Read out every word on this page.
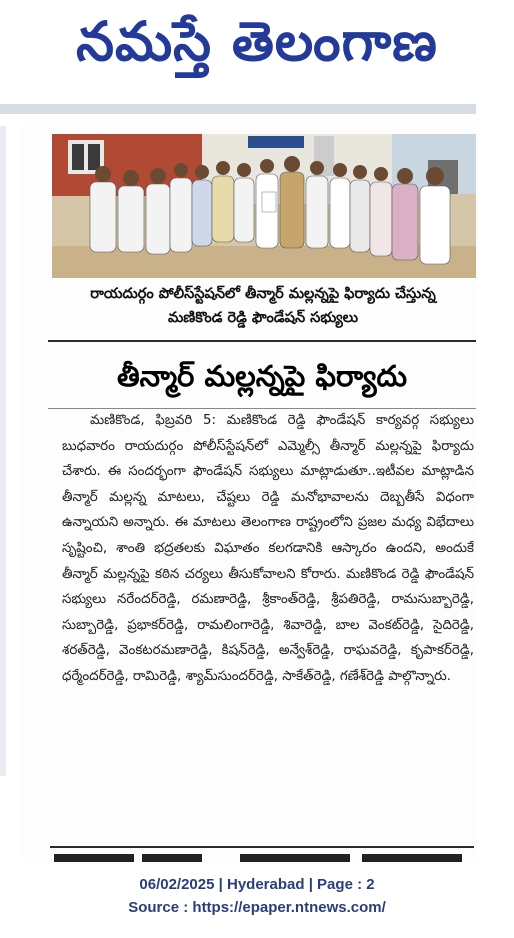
నమస్తే తెలంగాణ
రాయదుర్గం పోలీస్‌స్టేషన్‌లో తీన్మార్ మల్లన్నపై ఫిర్యాదు చేస్తున్న
మణికొండ రెడ్డి ఫౌండేషన్ సభ్యులు
తీన్మార్ మల్లన్నపై ఫిర్యాదు

మణికొండ, ఫిబ్రవరి 5: మణికొండ రెడ్డి ఫౌండేషన్ కార్యవర్గ సభ్యులు బుధవారం రాయదుర్గం పోలీస్‌స్టేషన్‌లో ఎమ్మెల్సీ తీన్మార్ మల్లన్నపై ఫిర్యాదు చేశారు. ఈ సందర్భంగా ఫౌండేషన్ సభ్యులు మాట్లాడుతూ..ఇటీవల మాట్లాడిన తీన్మార్ మల్లన్న మాటలు, చేష్టలు రెడ్డి మనోభావాలను దెబ్బతీసే విధంగా ఉన్నాయని అన్నారు. ఈ మాటలు తెలంగాణ రాష్ట్రంలోని ప్రజల మధ్య విభేదాలు సృష్టించి, శాంతి భద్రతలకు విఘాతం కలగడానికి ఆస్కారం ఉందని, అందుకే తీన్మార్ మల్లన్నపై కఠిన చర్యలు తీసుకోవాలని కోరారు. మణికొండ రెడ్డి ఫౌండేషన్ సభ్యులు నరేందర్‌రెడ్డి, రమణారెడ్డి, శ్రీకాంత్‌రెడ్డి, శ్రీపతిరెడ్డి, రామసుబ్బారెడ్డి, సుబ్బారెడ్డి, ప్రభాకర్‌రెడ్డి, రామలింగారెడ్డి, శివారెడ్డి, బాల వెంకట్‌రెడ్డి, సైదిరెడ్డి, శరత్‌రెడ్డి, వెంకటరమణారెడ్డి, కిషన్‌రెడ్డి, అన్వేశ్‌రెడ్డి, రాఘవరెడ్డి, కృపాకర్‌రెడ్డి, ధర్మేందర్‌రెడ్డి, రామిరెడ్డి, శ్యామ్‌సుందర్‌రెడ్డి, సాకేత్‌రెడ్డి, గణేశ్‌రెడ్డి పాల్గొన్నారు.

06/02/2025 | Hyderabad | Page : 2
Source : https://epaper.ntnews.com/
